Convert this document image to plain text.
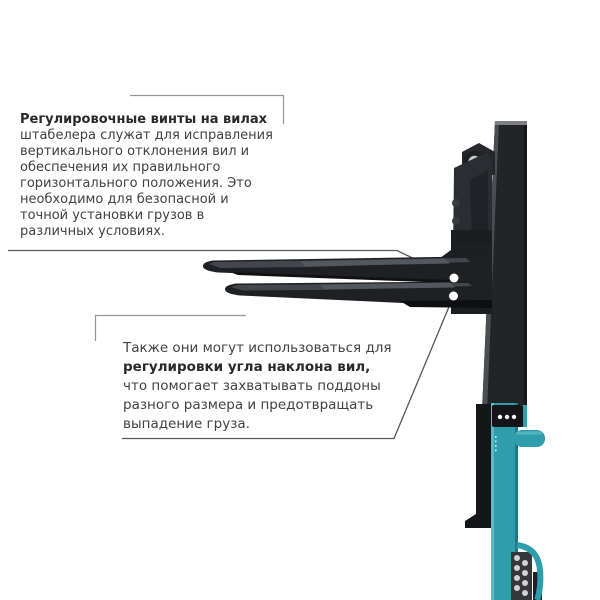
Регулировочные винты на вилах
штабелера служат для исправления
вертикального отклонения вил и
обеспечения их правильного
горизонтального положения. Это
необходимо для безопасной и
точной установки грузов в
различных условиях.
Также они могут использоваться для
регулировки угла наклона вил,
что помогает захватывать поддоны
разного размера и предотвращать
выпадение груза.
